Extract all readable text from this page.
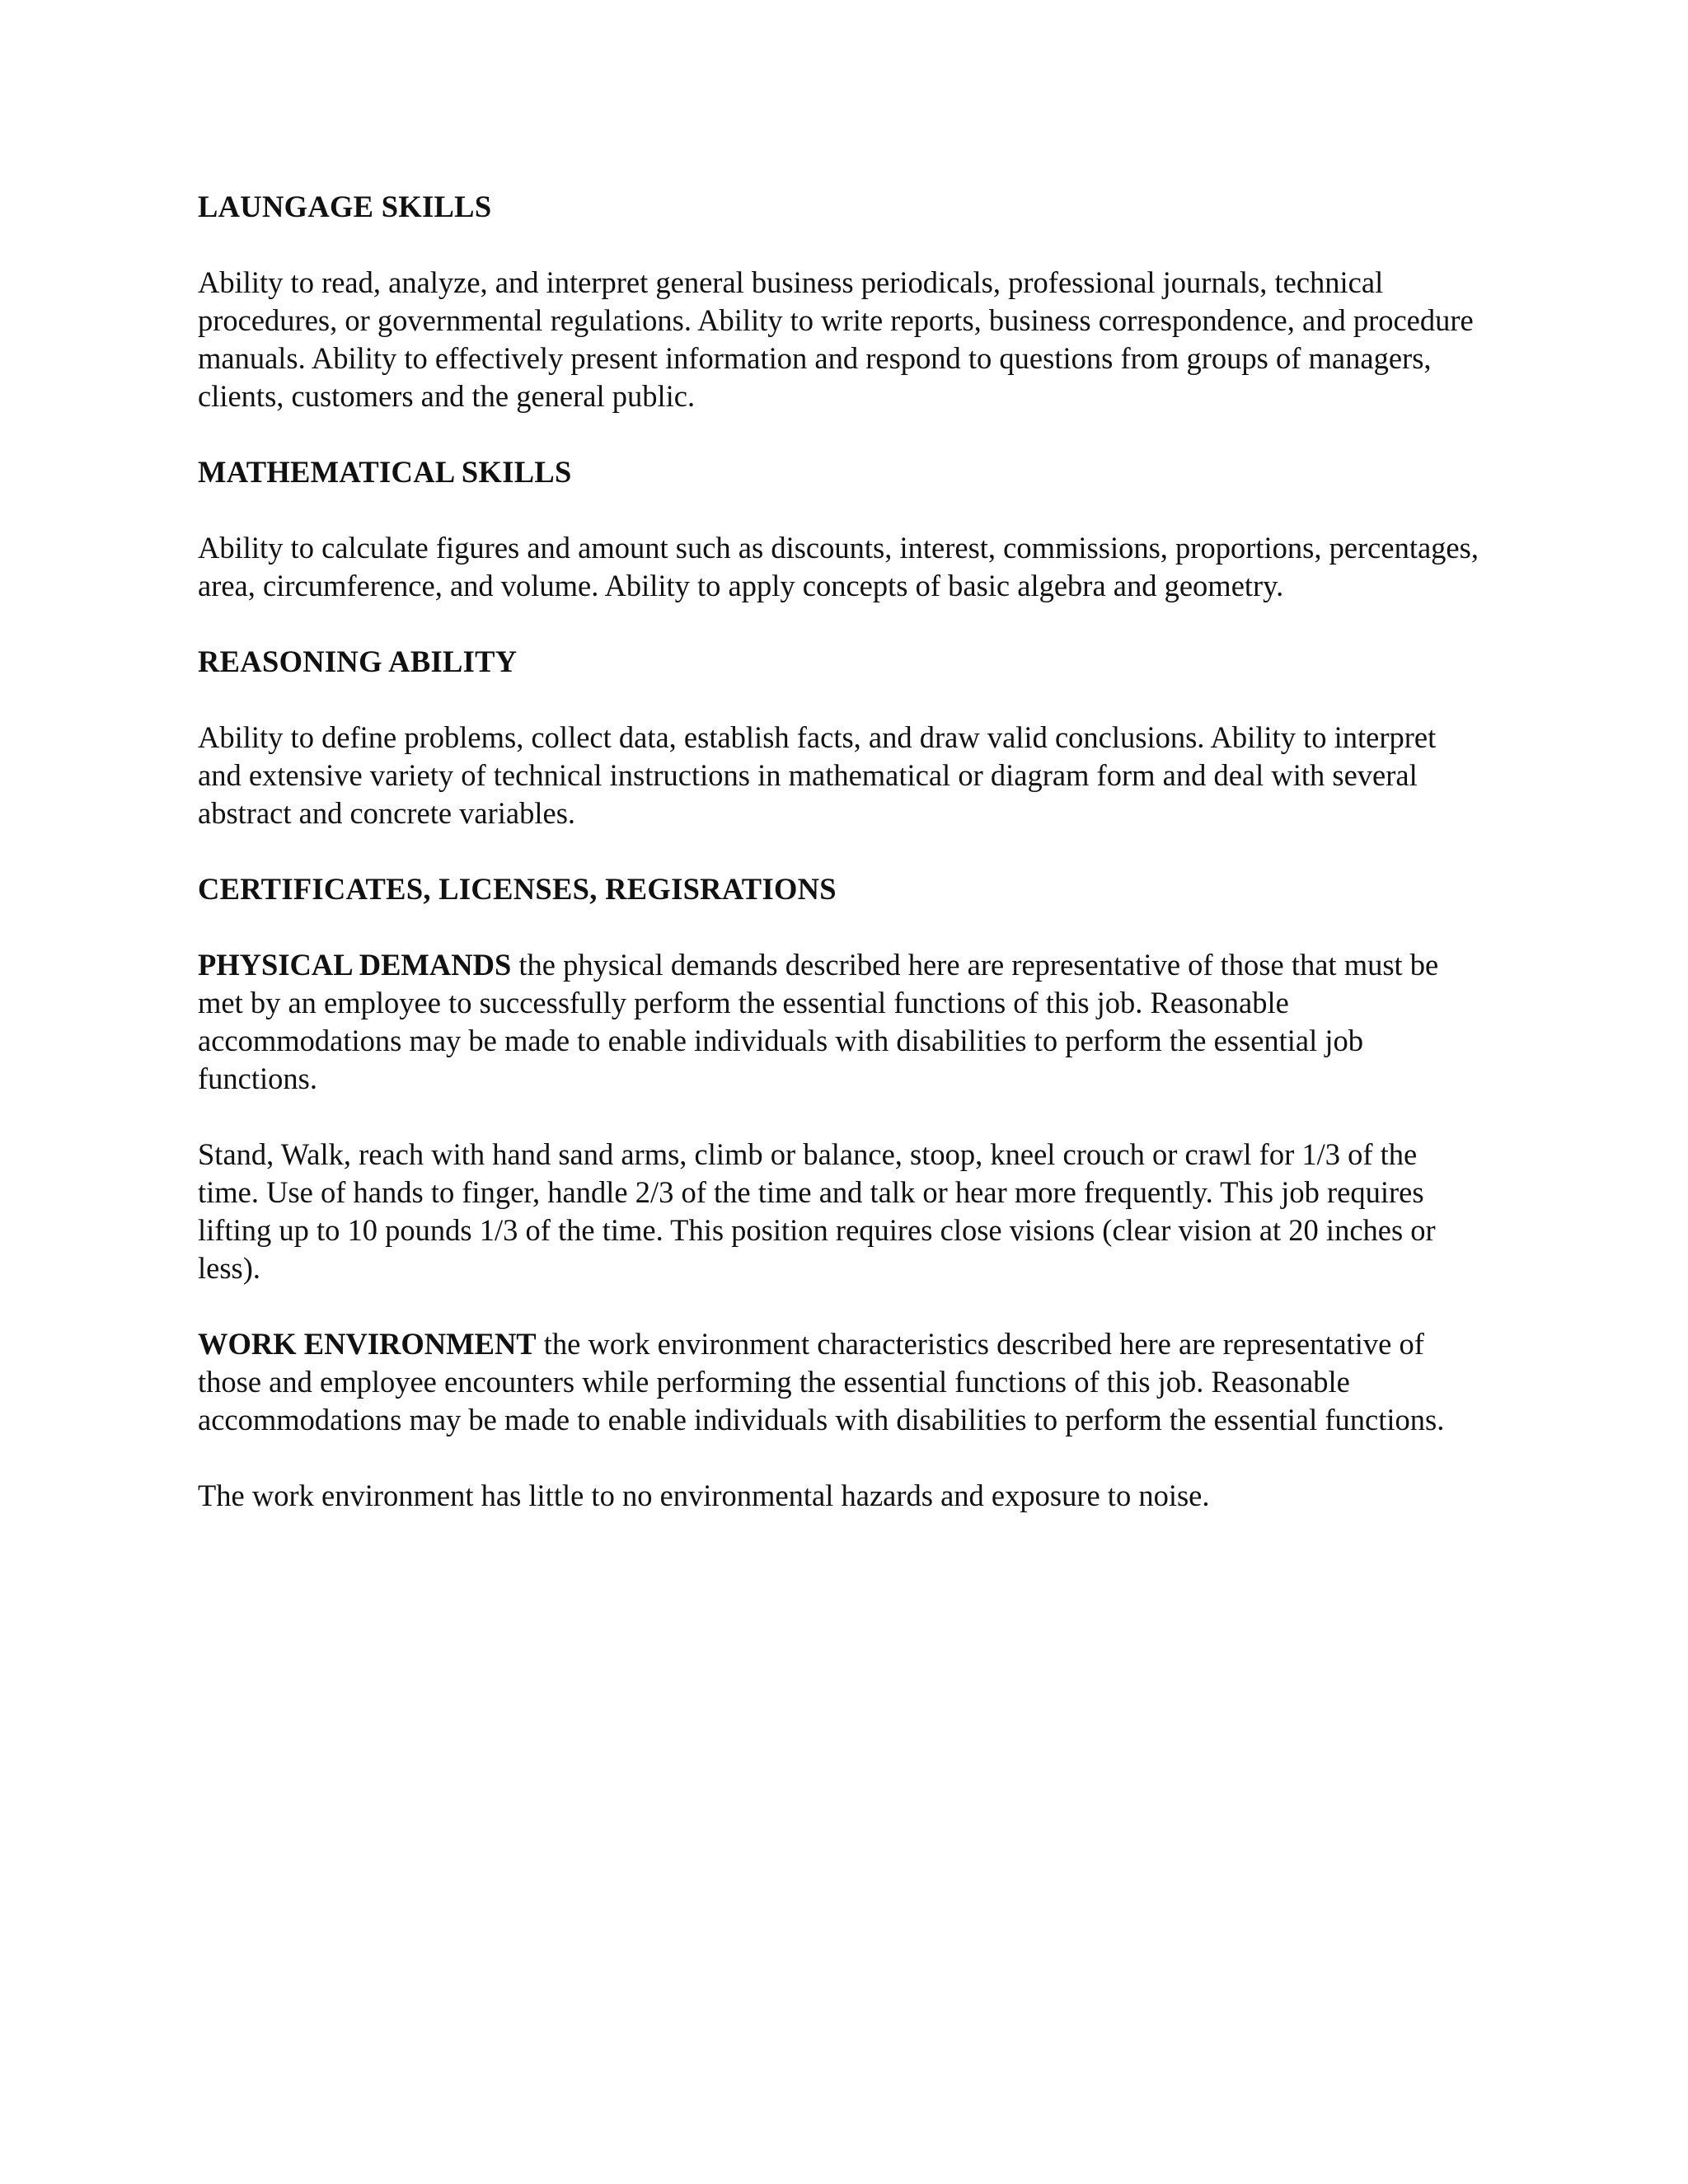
LAUNGAGE SKILLS
Ability to read, analyze, and interpret general business periodicals, professional journals, technical procedures, or governmental regulations. Ability to write reports, business correspondence, and procedure manuals. Ability to effectively present information and respond to questions from groups of managers, clients, customers and the general public.
MATHEMATICAL SKILLS
Ability to calculate figures and amount such as discounts, interest, commissions, proportions, percentages, area, circumference, and volume. Ability to apply concepts of basic algebra and geometry.
REASONING ABILITY
Ability to define problems, collect data, establish facts, and draw valid conclusions. Ability to interpret and extensive variety of technical instructions in mathematical or diagram form and deal with several abstract and concrete variables.
CERTIFICATES, LICENSES, REGISRATIONS
PHYSICAL DEMANDS the physical demands described here are representative of those that must be met by an employee to successfully perform the essential functions of this job. Reasonable accommodations may be made to enable individuals with disabilities to perform the essential job functions.
Stand, Walk, reach with hand sand arms, climb or balance, stoop, kneel crouch or crawl for 1/3 of the time. Use of hands to finger, handle 2/3 of the time and talk or hear more frequently. This job requires lifting up to 10 pounds 1/3 of the time. This position requires close visions (clear vision at 20 inches or less).
WORK ENVIRONMENT the work environment characteristics described here are representative of those and employee encounters while performing the essential functions of this job. Reasonable accommodations may be made to enable individuals with disabilities to perform the essential functions.
The work environment has little to no environmental hazards and exposure to noise.
